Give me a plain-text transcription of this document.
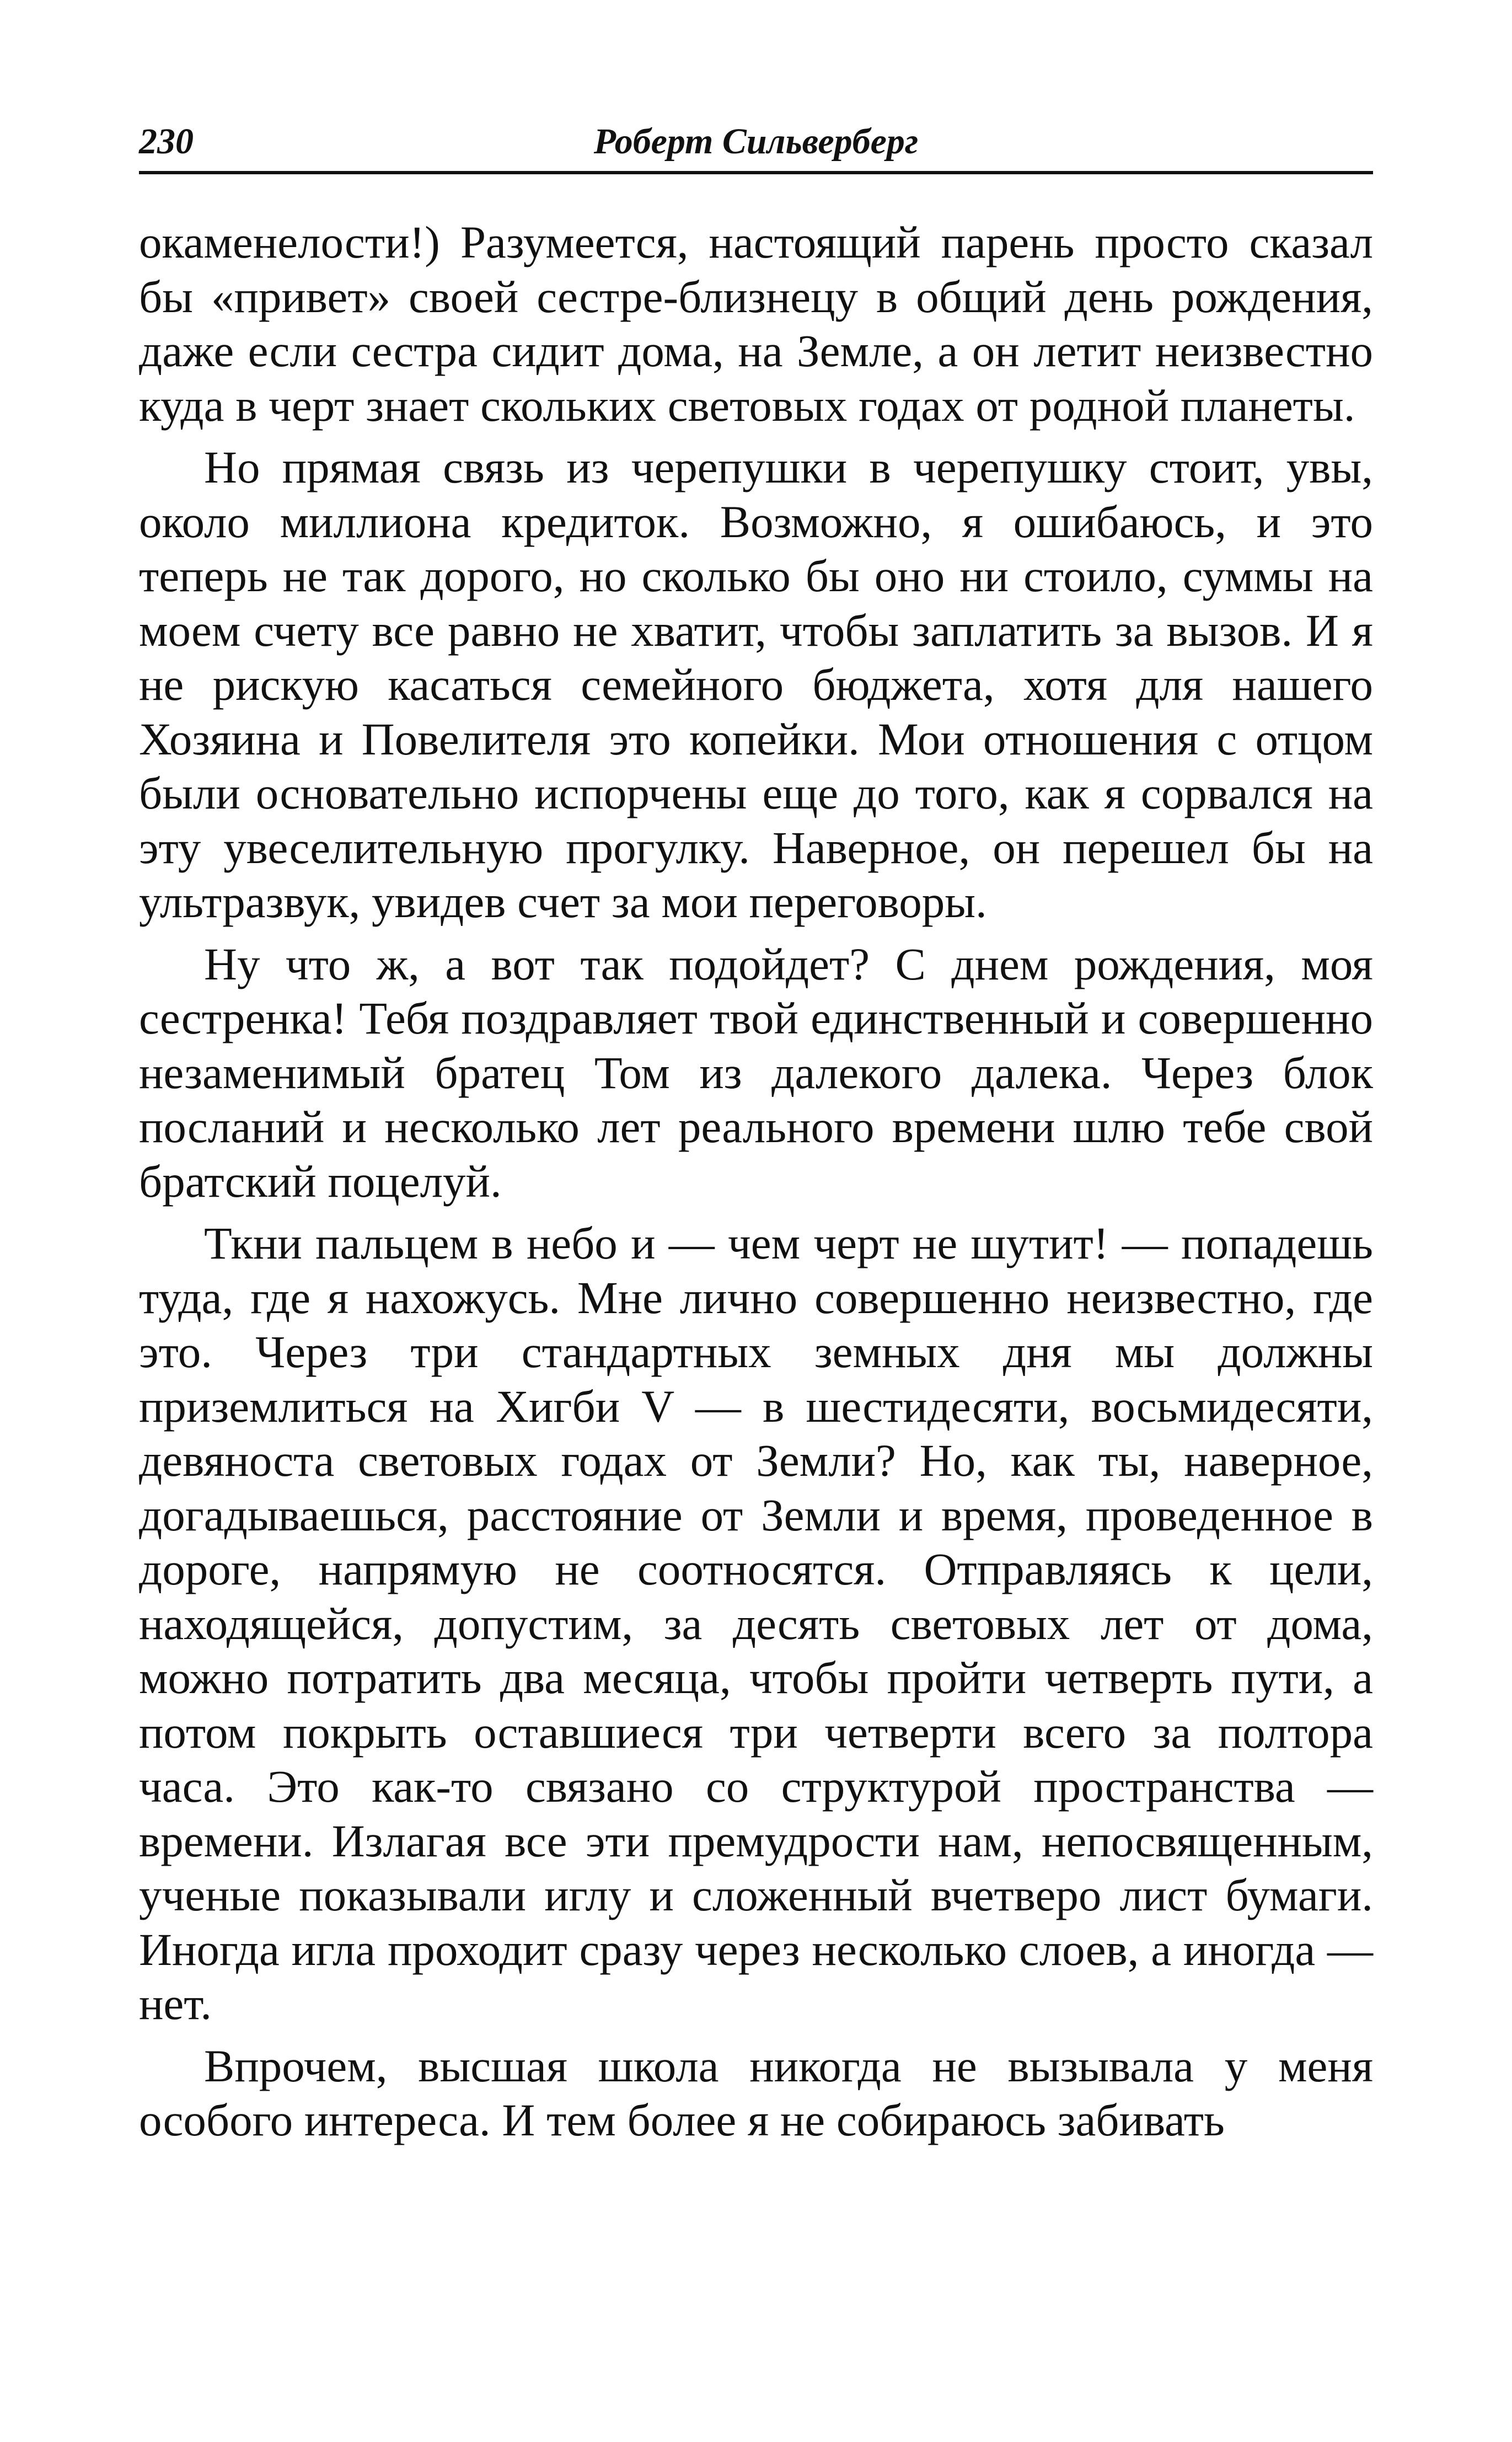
230	Роберт Сильверберг

окаменелости!) Разумеется, настоящий парень просто сказал бы «привет» своей сестре-близнецу в общий день рождения, даже если сестра сидит дома, на Земле, а он летит неизвестно куда в черт знает скольких световых годах от родной планеты.

Но прямая связь из черепушки в черепушку стоит, увы, около миллиона кредиток. Возможно, я ошибаюсь, и это теперь не так дорого, но сколько бы оно ни стоило, суммы на моем счету все равно не хватит, чтобы заплатить за вызов. И я не рискую касаться семейного бюджета, хотя для нашего Хозяина и Повелителя это копейки. Мои отношения с отцом были основательно испорчены еще до того, как я сорвался на эту увеселительную прогулку. Наверное, он перешел бы на ультразвук, увидев счет за мои переговоры.

Ну что ж, а вот так подойдет? С днем рождения, моя сестренка! Тебя поздравляет твой единственный и совершенно незаменимый братец Том из далекого далека. Через блок посланий и несколько лет реального времени шлю тебе свой братский поцелуй.

Ткни пальцем в небо и — чем черт не шутит! — попадешь туда, где я нахожусь. Мне лично совершенно неизвестно, где это. Через три стандартных земных дня мы должны приземлиться на Хигби V — в шестидесяти, восьмидесяти, девяноста световых годах от Земли? Но, как ты, наверное, догадываешься, расстояние от Земли и время, проведенное в дороге, напрямую не соотносятся. Отправляясь к цели, находящейся, допустим, за десять световых лет от дома, можно потратить два месяца, чтобы пройти четверть пути, а потом покрыть оставшиеся три четверти всего за полтора часа. Это как-то связано со структурой пространства — времени. Излагая все эти премудрости нам, непосвященным, ученые показывали иглу и сложенный вчетверо лист бумаги. Иногда игла проходит сразу через несколько слоев, а иногда — нет.

Впрочем, высшая школа никогда не вызывала у меня особого интереса. И тем более я не собираюсь забивать
